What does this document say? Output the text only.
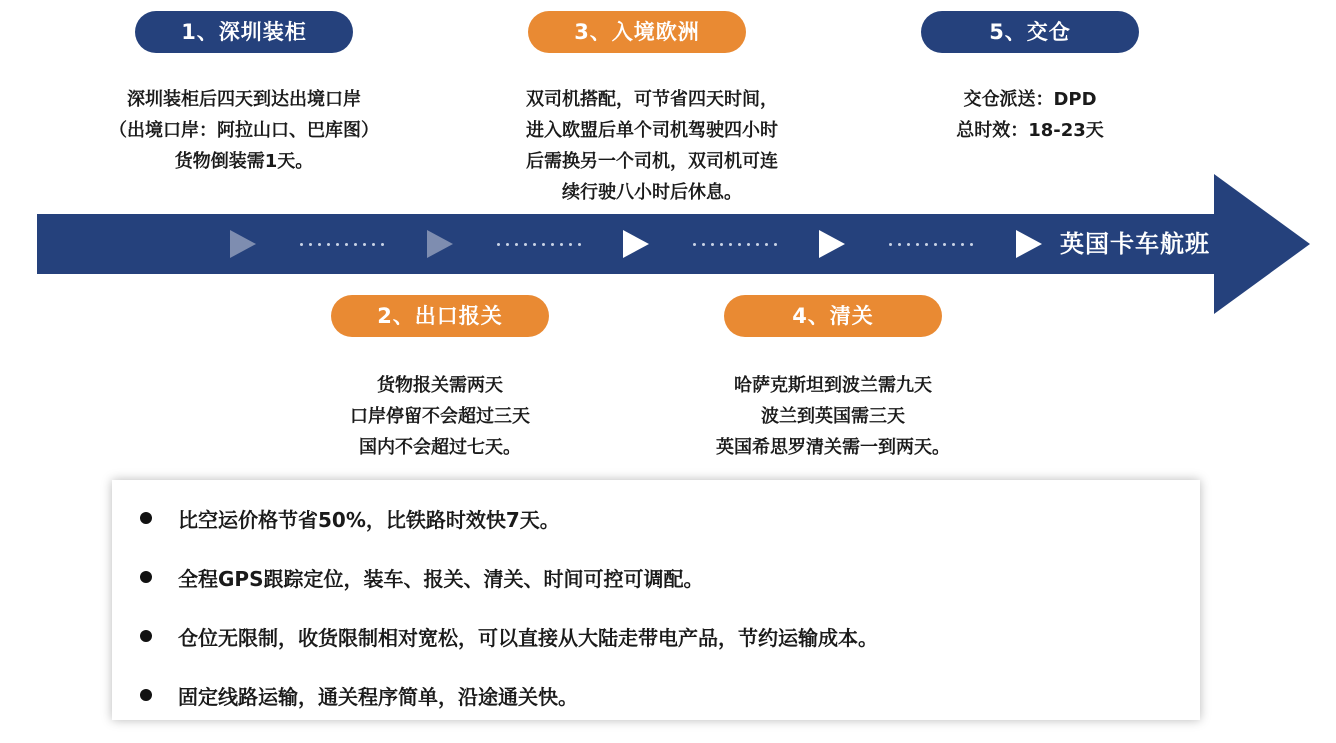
英国卡车航班
1、深圳装柜
深圳装柜后四天到达出境口岸
（出境口岸：阿拉山口、巴库图）
货物倒装需1天。
3、入境欧洲
双司机搭配，可节省四天时间，
进入欧盟后单个司机驾驶四小时
后需换另一个司机，双司机可连
续行驶八小时后休息。
5、交仓
交仓派送：DPD
总时效：18-23天
2、出口报关
货物报关需两天
口岸停留不会超过三天
国内不会超过七天。
4、清关
哈萨克斯坦到波兰需九天
波兰到英国需三天
英国希思罗清关需一到两天。
比空运价格节省50%，比铁路时效快7天。
全程GPS跟踪定位，装车、报关、清关、时间可控可调配。
仓位无限制，收货限制相对宽松，可以直接从大陆走带电产品，节约运输成本。
固定线路运输，通关程序简单，沿途通关快。
